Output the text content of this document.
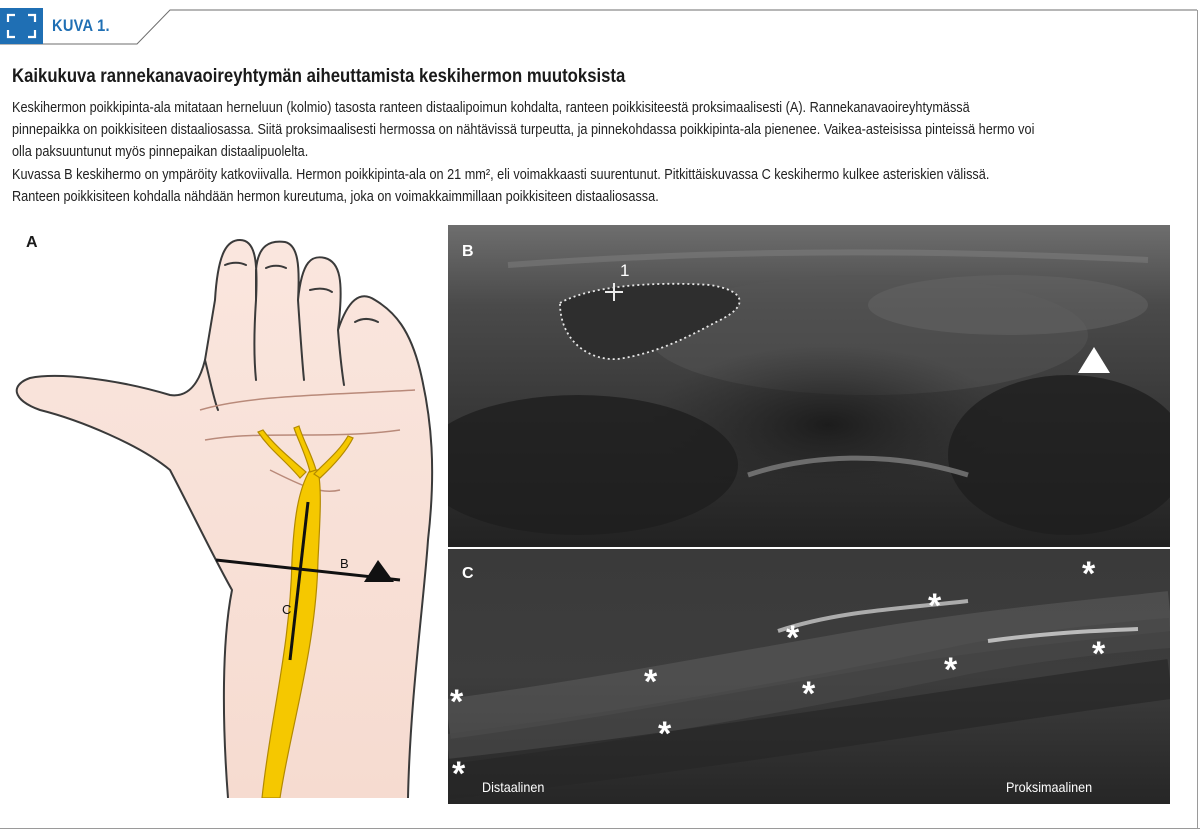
KUVA 1.
Kaikukuva rannekanavaoireyhtymän aiheuttamista keskihermon muutoksista

Keskihermon poikkipinta-ala mitataan herneluun (kolmio) tasosta ranteen distaalipoimun kohdalta, ranteen poikkisiteestä proksimaalisesti (A). Rannekanavaoireyhtymässä

pinnepaikka on poikkisiteen distaaliosassa. Siitä proksimaalisesti hermossa on nähtävissä turpeutta, ja pinnekohdassa poikkipinta-ala pienenee. Vaikea-asteisissa pinteissä hermo voi

olla paksuuntunut myös pinnepaikan distaalipuolelta.

Kuvassa B keskihermo on ympäröity katkoviivalla. Hermon poikkipinta-ala on 21 mm², eli voimakkaasti suurentunut. Pitkittäiskuvassa C keskihermo kulkee asteriskien välissä.

Ranteen poikkisiteen kohdalla nähdään hermon kureutuma, joka on voimakkaimmillaan poikkisiteen distaaliosassa.

A
B
C
B
1
C	*
*
*	*
*
*	*
*
*
* Distaalinen	Proksimaalinen
